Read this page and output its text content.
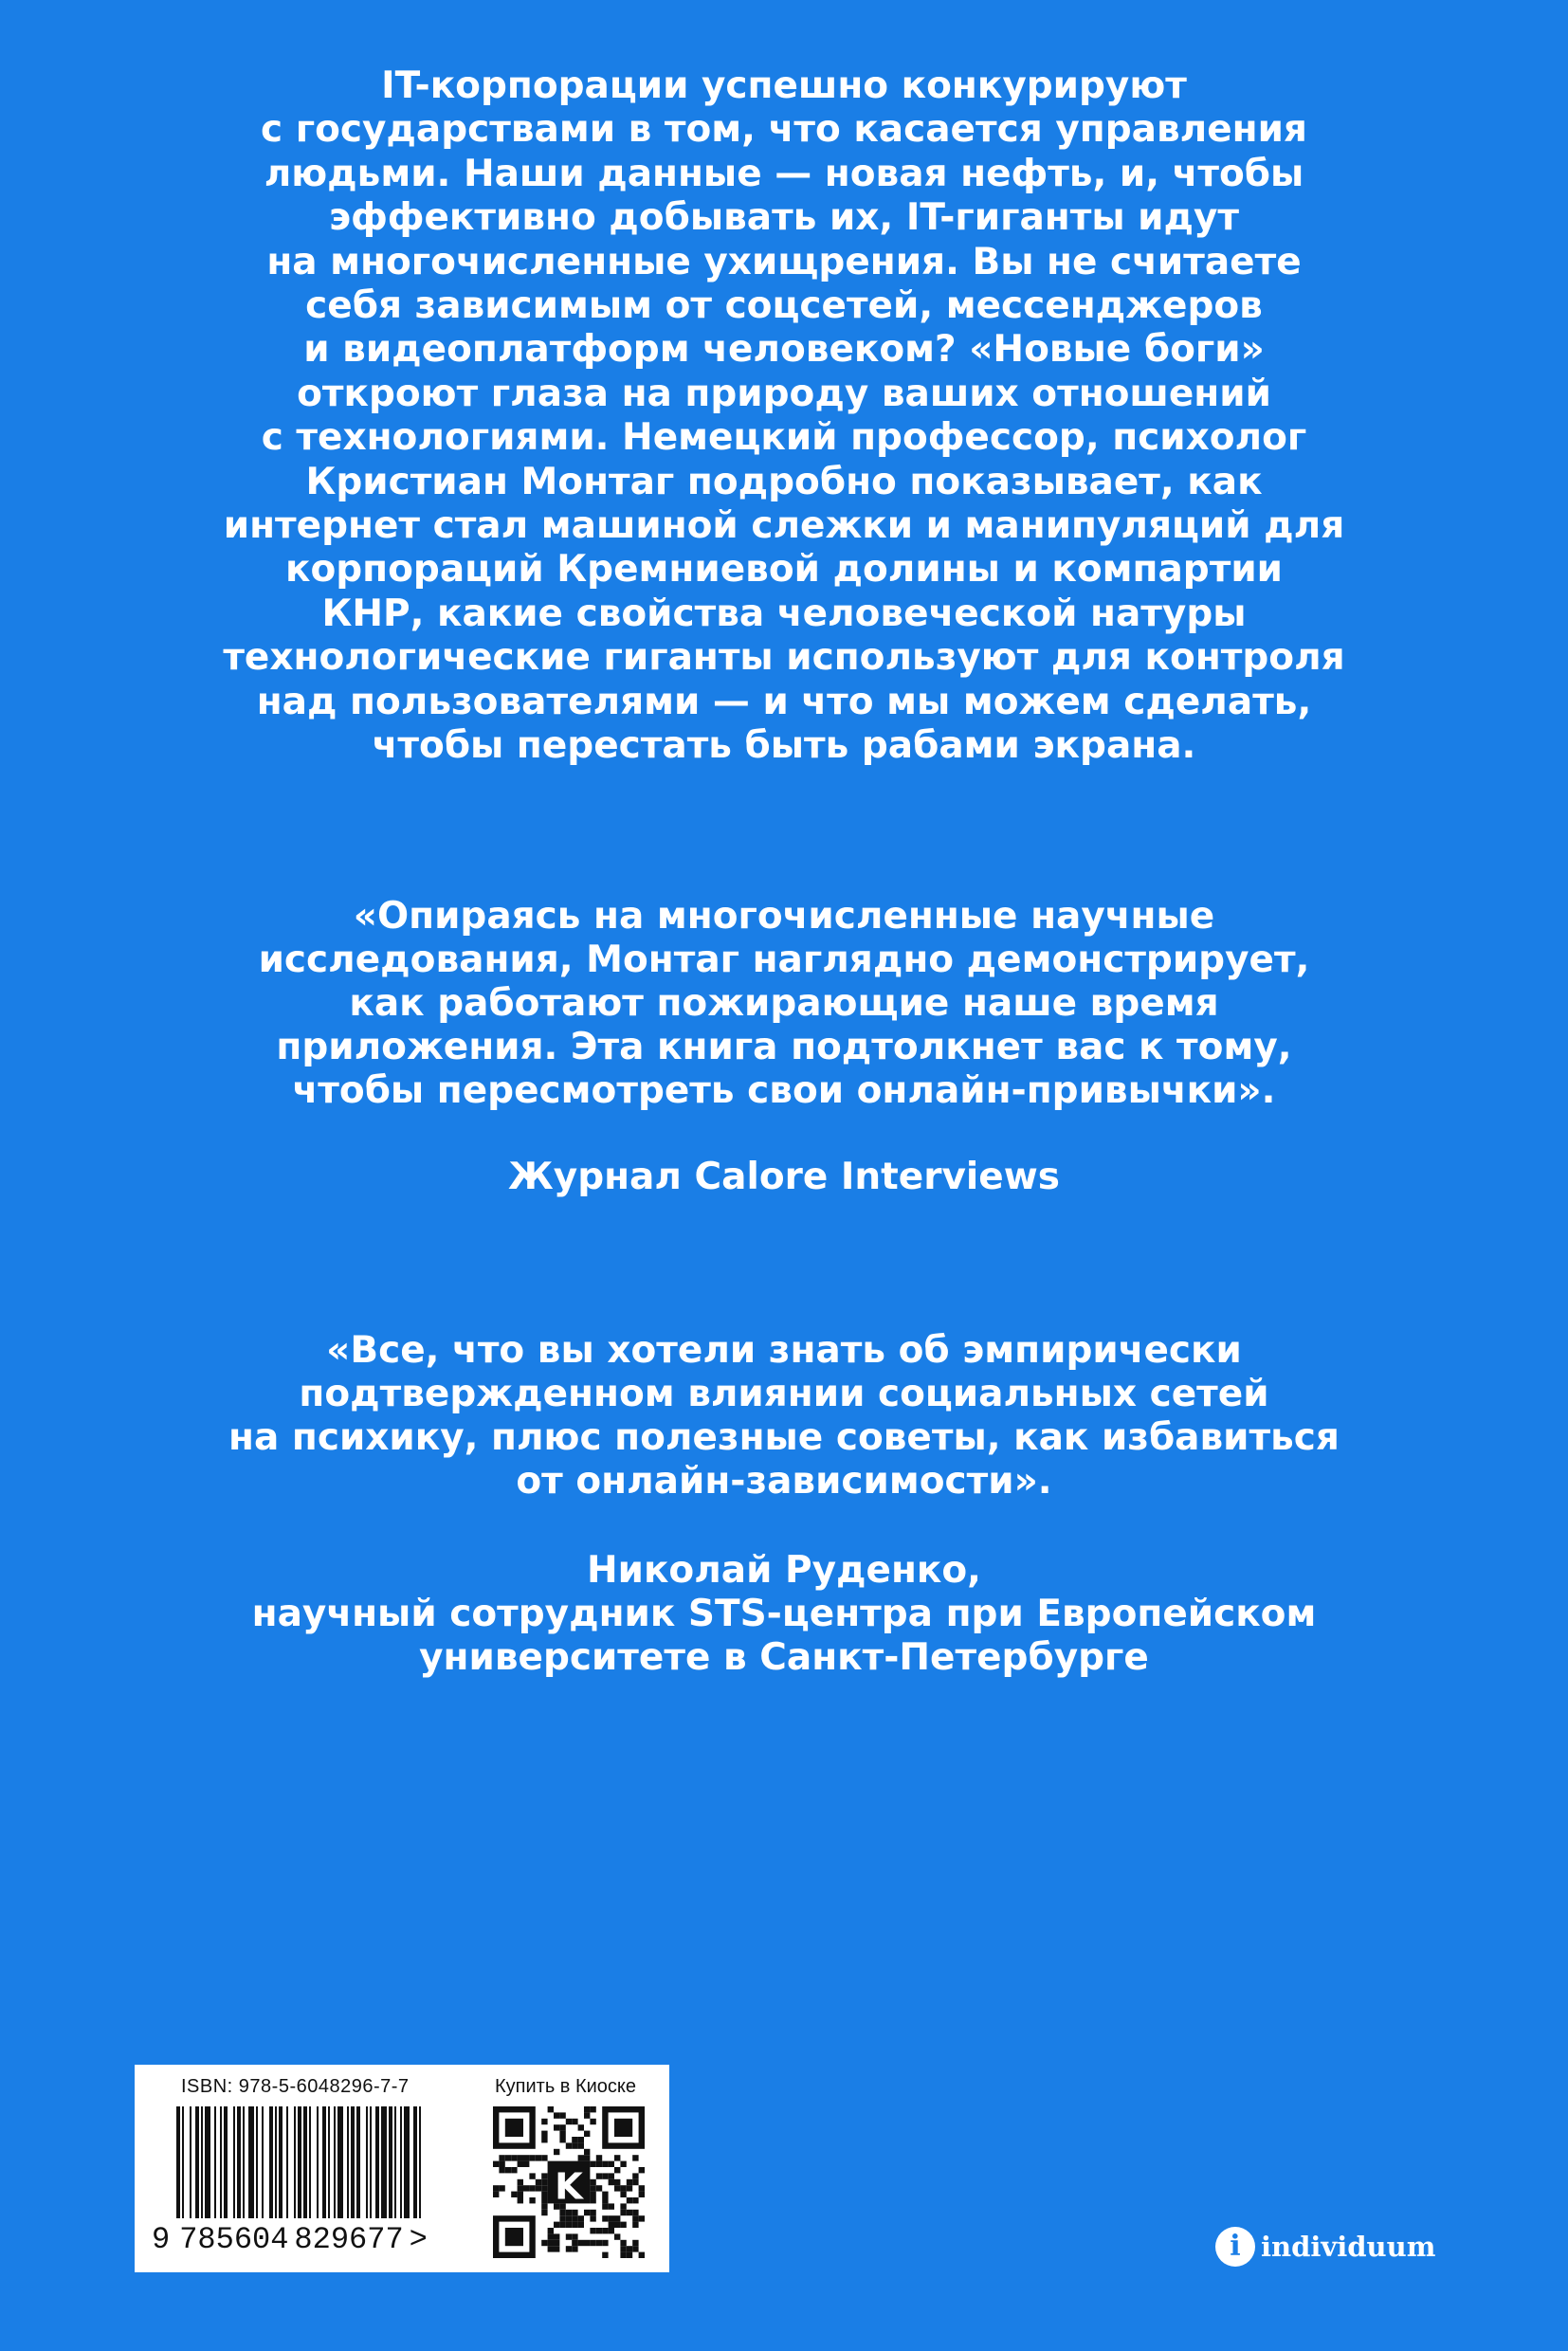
IT-корпорации успешно конкурируют
с государствами в том, что касается управления
людьми. Наши данные — новая нефть, и, чтобы
эффективно добывать их, IT-гиганты идут
на многочисленные ухищрения. Вы не считаете
себя зависимым от соцсетей, мессенджеров
и видеоплатформ человеком? «Новые боги»
откроют глаза на природу ваших отношений
с технологиями. Немецкий профессор, психолог
Кристиан Монтаг подробно показывает, как
интернет стал машиной слежки и манипуляций для
корпораций Кремниевой долины и компартии
КНР, какие свойства человеческой натуры
технологические гиганты используют для контроля
над пользователями — и что мы можем сделать,
чтобы перестать быть рабами экрана.
«Опираясь на многочисленные научные
исследования, Монтаг наглядно демонстрирует,
как работают пожирающие наше время
приложения. Эта книга подтолкнет вас к тому,
чтобы пересмотреть свои онлайн-привычки».
Журнал Calore Interviews
«Все, что вы хотели знать об эмпирически
подтвержденном влиянии социальных сетей
на психику, плюс полезные советы, как избавиться
от онлайн-зависимости».
Николай Руденко,
научный сотрудник STS-центра при Европейском
университете в Санкт-Петербурге
ISBN: 978-5-6048296-7-7
9 785604 829677 >
Купить в Киоске
K
i individuum
